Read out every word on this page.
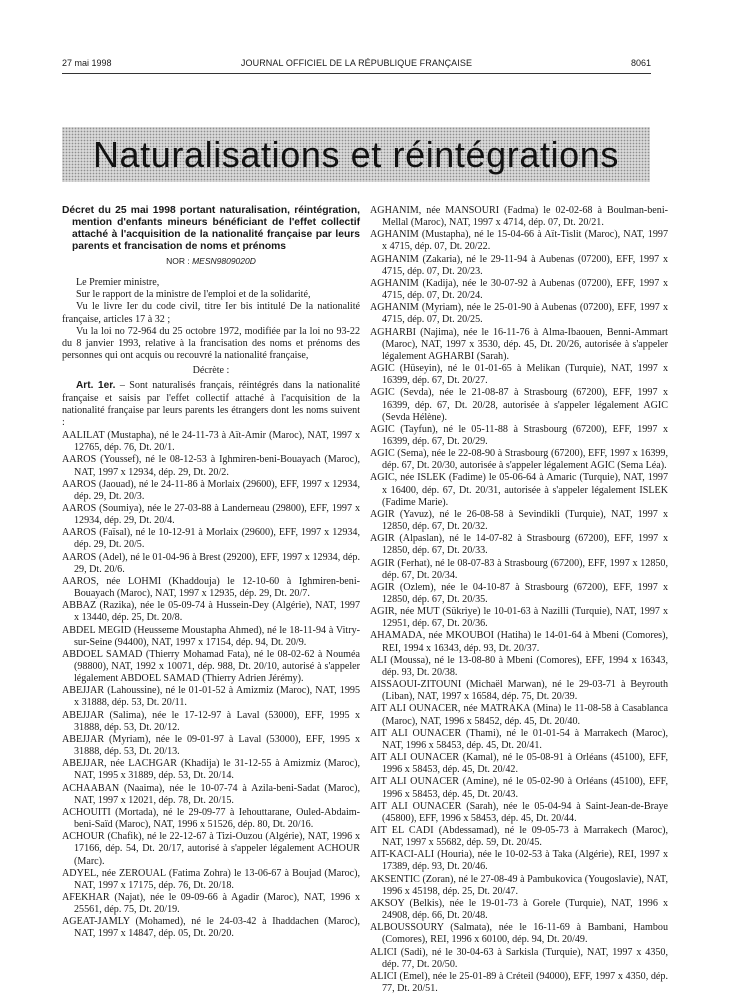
27 mai 1998	JOURNAL OFFICIEL DE LA RÉPUBLIQUE FRANÇAISE	8061
Naturalisations et réintégrations

Décret du 25 mai 1998 portant naturalisation, réintégration, mention d'enfants mineurs bénéficiant de l'effet collectif attaché à l'acquisition de la nationalité française par leurs parents et francisation de noms et prénoms

NOR : MESN9809020D

Le Premier ministre,

Sur le rapport de la ministre de l'emploi et de la solidarité,

Vu le livre Ier du code civil, titre Ier bis intitulé De la nationalité française, articles 17 à 32 ;

Vu la loi no 72-964 du 25 octobre 1972, modifiée par la loi no 93-22 du 8 janvier 1993, relative à la francisation des noms et prénoms des personnes qui ont acquis ou recouvré la nationalité française,

Décrète :

Art. 1er. – Sont naturalisés français, réintégrés dans la nationalité française et saisis par l'effet collectif attaché à l'acquisition de la nationalité française par leurs parents les étrangers dont les noms suivent :

AALILAT (Mustapha), né le 24-11-73 à Aït-Amir (Maroc), NAT, 1997 x 12765, dép. 76, Dt. 20/1.

AAROS (Youssef), né le 08-12-53 à Ighmiren-beni-Bouayach (Maroc), NAT, 1997 x 12934, dép. 29, Dt. 20/2.

AAROS (Jaouad), né le 24-11-86 à Morlaix (29600), EFF, 1997 x 12934, dép. 29, Dt. 20/3.

AAROS (Soumiya), née le 27-03-88 à Landerneau (29800), EFF, 1997 x 12934, dép. 29, Dt. 20/4.

AAROS (Faïsal), né le 10-12-91 à Morlaix (29600), EFF, 1997 x 12934, dép. 29, Dt. 20/5.

AAROS (Adel), né le 01-04-96 à Brest (29200), EFF, 1997 x 12934, dép. 29, Dt. 20/6.

AAROS, née LOHMI (Khaddouja) le 12-10-60 à Ighmiren-beni-Bouayach (Maroc), NAT, 1997 x 12935, dép. 29, Dt. 20/7.

ABBAZ (Razika), née le 05-09-74 à Hussein-Dey (Algérie), NAT, 1997 x 13440, dép. 25, Dt. 20/8.

ABDEL MEGID (Heusseme Moustapha Ahmed), né le 18-11-94 à Vitry-sur-Seine (94400), NAT, 1997 x 17154, dép. 94, Dt. 20/9.

ABDOEL SAMAD (Thierry Mohamad Fata), né le 08-02-62 à Nouméa (98800), NAT, 1992 x 10071, dép. 988, Dt. 20/10, autorisé à s'appeler légalement ABDOEL SAMAD (Thierry Adrien Jérémy).

ABEJJAR (Lahoussine), né le 01-01-52 à Amizmiz (Maroc), NAT, 1995 x 31888, dép. 53, Dt. 20/11.

ABEJJAR (Salima), née le 17-12-97 à Laval (53000), EFF, 1995 x 31888, dép. 53, Dt. 20/12.

ABEJJAR (Myriam), née le 09-01-97 à Laval (53000), EFF, 1995 x 31888, dép. 53, Dt. 20/13.

ABEJJAR, née LACHGAR (Khadija) le 31-12-55 à Amizmiz (Maroc), NAT, 1995 x 31889, dép. 53, Dt. 20/14.

ACHAABAN (Naaima), née le 10-07-74 à Azila-beni-Sadat (Maroc), NAT, 1997 x 12021, dép. 78, Dt. 20/15.

ACHOUITI (Mortada), né le 29-09-77 à Iehouttarane, Ouled-Abdaim-beni-Saïd (Maroc), NAT, 1996 x 51526, dép. 80, Dt. 20/16.

ACHOUR (Chafik), né le 22-12-67 à Tizi-Ouzou (Algérie), NAT, 1996 x 17166, dép. 54, Dt. 20/17, autorisé à s'appeler légalement ACHOUR (Marc).

ADYEL, née ZEROUAL (Fatima Zohra) le 13-06-67 à Boujad (Maroc), NAT, 1997 x 17175, dép. 76, Dt. 20/18.

AFEKHAR (Najat), née le 09-09-66 à Agadir (Maroc), NAT, 1996 x 25561, dép. 75, Dt. 20/19.

AGEAT-JAMLY (Mohamed), né le 24-03-42 à Ihaddachen (Maroc), NAT, 1997 x 14847, dép. 05, Dt. 20/20.

AGHANIM, née MANSOURI (Fadma) le 02-02-68 à Boulman-beni-Mellal (Maroc), NAT, 1997 x 4714, dép. 07, Dt. 20/21.

AGHANIM (Mustapha), né le 15-04-66 à Aït-Tislit (Maroc), NAT, 1997 x 4715, dép. 07, Dt. 20/22.

AGHANIM (Zakaria), né le 29-11-94 à Aubenas (07200), EFF, 1997 x 4715, dép. 07, Dt. 20/23.

AGHANIM (Kadija), née le 30-07-92 à Aubenas (07200), EFF, 1997 x 4715, dép. 07, Dt. 20/24.

AGHANIM (Myriam), née le 25-01-90 à Aubenas (07200), EFF, 1997 x 4715, dép. 07, Dt. 20/25.

AGHARBI (Najima), née le 16-11-76 à Alma-Ibaouen, Benni-Ammart (Maroc), NAT, 1997 x 3530, dép. 45, Dt. 20/26, autorisée à s'appeler légalement AGHARBI (Sarah).

AGIC (Hüseyin), né le 01-01-65 à Melikan (Turquie), NAT, 1997 x 16399, dép. 67, Dt. 20/27.

AGIC (Sevda), née le 21-08-87 à Strasbourg (67200), EFF, 1997 x 16399, dép. 67, Dt. 20/28, autorisée à s'appeler légalement AGIC (Sevda Hélène).

AGIC (Tayfun), né le 05-11-88 à Strasbourg (67200), EFF, 1997 x 16399, dép. 67, Dt. 20/29.

AGIC (Sema), née le 22-08-90 à Strasbourg (67200), EFF, 1997 x 16399, dép. 67, Dt. 20/30, autorisée à s'appeler légalement AGIC (Sema Léa).

AGIC, née ISLEK (Fadime) le 05-06-64 à Amaric (Turquie), NAT, 1997 x 16400, dép. 67, Dt. 20/31, autorisée à s'appeler légalement ISLEK (Fadime Marie).

AGIR (Yavuz), né le 26-08-58 à Sevindikli (Turquie), NAT, 1997 x 12850, dép. 67, Dt. 20/32.

AGIR (Alpaslan), né le 14-07-82 à Strasbourg (67200), EFF, 1997 x 12850, dép. 67, Dt. 20/33.

AGIR (Ferhat), né le 08-07-83 à Strasbourg (67200), EFF, 1997 x 12850, dép. 67, Dt. 20/34.

AGIR (Ozlem), née le 04-10-87 à Strasbourg (67200), EFF, 1997 x 12850, dép. 67, Dt. 20/35.

AGIR, née MUT (Sükriye) le 10-01-63 à Nazilli (Turquie), NAT, 1997 x 12951, dép. 67, Dt. 20/36.

AHAMADA, née MKOUBOI (Hatiha) le 14-01-64 à Mbeni (Comores), REI, 1994 x 16343, dép. 93, Dt. 20/37.

ALI (Moussa), né le 13-08-80 à Mbeni (Comores), EFF, 1994 x 16343, dép. 93, Dt. 20/38.

AISSAOUI-ZITOUNI (Michaël Marwan), né le 29-03-71 à Beyrouth (Liban), NAT, 1997 x 16584, dép. 75, Dt. 20/39.

AIT ALI OUNACER, née MATRAKA (Mina) le 11-08-58 à Casablanca (Maroc), NAT, 1996 x 58452, dép. 45, Dt. 20/40.

AIT ALI OUNACER (Thami), né le 01-01-54 à Marrakech (Maroc), NAT, 1996 x 58453, dép. 45, Dt. 20/41.

AIT ALI OUNACER (Kamal), né le 05-08-91 à Orléans (45100), EFF, 1996 x 58453, dép. 45, Dt. 20/42.

AIT ALI OUNACER (Amine), né le 05-02-90 à Orléans (45100), EFF, 1996 x 58453, dép. 45, Dt. 20/43.

AIT ALI OUNACER (Sarah), née le 05-04-94 à Saint-Jean-de-Braye (45800), EFF, 1996 x 58453, dép. 45, Dt. 20/44.

AIT EL CADI (Abdessamad), né le 09-05-73 à Marrakech (Maroc), NAT, 1997 x 55682, dép. 59, Dt. 20/45.

AIT-KACI-ALI (Houria), née le 10-02-53 à Taka (Algérie), REI, 1997 x 17389, dép. 93, Dt. 20/46.

AKSENTIC (Zoran), né le 27-08-49 à Pambukovica (Yougoslavie), NAT, 1996 x 45198, dép. 25, Dt. 20/47.

AKSOY (Belkis), née le 19-01-73 à Gorele (Turquie), NAT, 1996 x 24908, dép. 66, Dt. 20/48.

ALBOUSSOURY (Salmata), née le 16-11-69 à Bambani, Hambou (Comores), REI, 1996 x 60100, dép. 94, Dt. 20/49.

ALICI (Sadi), né le 30-04-63 à Sarkisla (Turquie), NAT, 1997 x 4350, dép. 77, Dt. 20/50.

ALICI (Emel), née le 25-01-89 à Créteil (94000), EFF, 1997 x 4350, dép. 77, Dt. 20/51.
